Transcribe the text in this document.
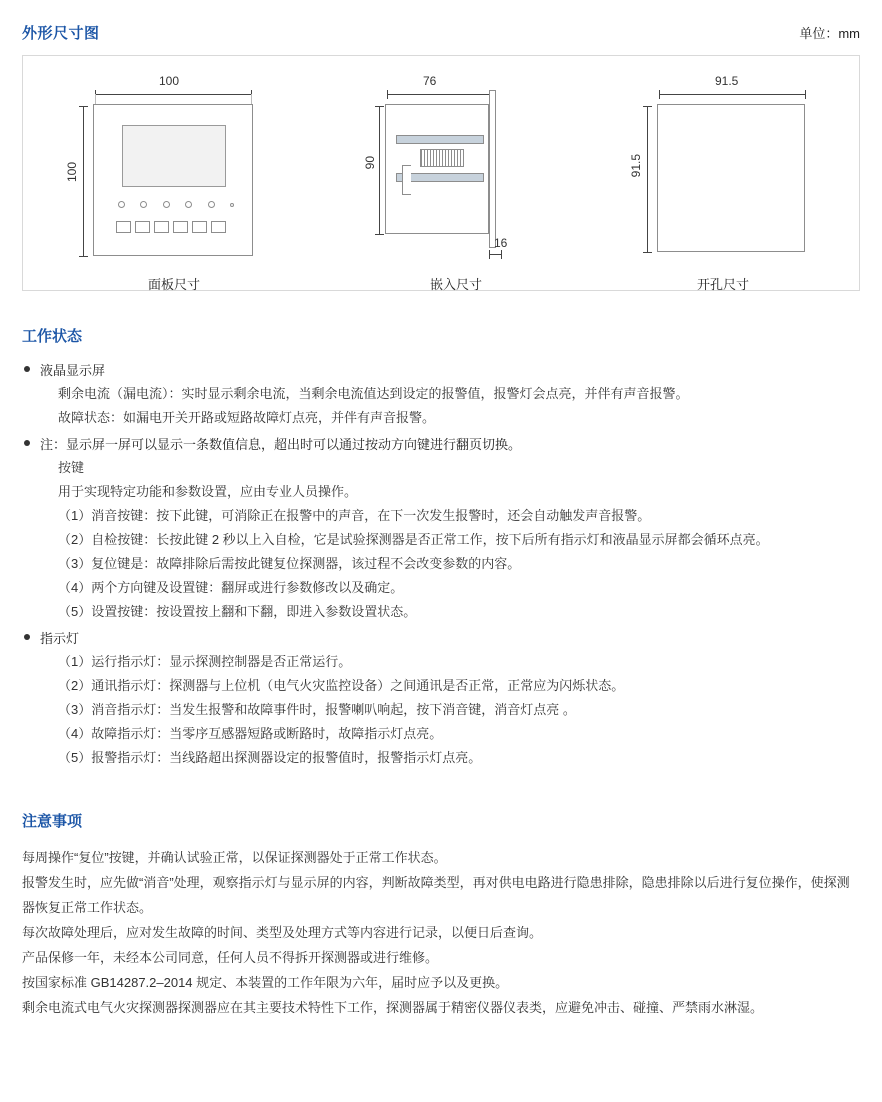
外形尺寸图	单位：mm
100
100
面板尺寸
76
90
16
嵌入尺寸
91.5
91.5
开孔尺寸
工作状态
液晶显示屏
剩余电流（漏电流）：实时显示剩余电流，当剩余电流值达到设定的报警值，报警灯会点亮，并伴有声音报警。
故障状态：如漏电开关开路或短路故障灯点亮，并伴有声音报警。
注：显示屏一屏可以显示一条数值信息，超出时可以通过按动方向键进行翻页切换。
按键
用于实现特定功能和参数设置，应由专业人员操作。
（1）消音按键：按下此键，可消除正在报警中的声音，在下一次发生报警时，还会自动触发声音报警。
（2）自检按键：长按此键 2 秒以上入自检，它是试验探测器是否正常工作，按下后所有指示灯和液晶显示屏都会循环点亮。
（3）复位键是：故障排除后需按此键复位探测器，该过程不会改变参数的内容。
（4）两个方向键及设置键：翻屏或进行参数修改以及确定。
（5）设置按键：按设置按上翻和下翻，即进入参数设置状态。
指示灯
（1）运行指示灯：显示探测控制器是否正常运行。
（2）通讯指示灯：探测器与上位机（电气火灾监控设备）之间通讯是否正常，正常应为闪烁状态。
（3）消音指示灯：当发生报警和故障事件时，报警喇叭响起，按下消音键，消音灯点亮 。
（4）故障指示灯：当零序互感器短路或断路时，故障指示灯点亮。
（5）报警指示灯：当线路超出探测器设定的报警值时，报警指示灯点亮。
注意事项

每周操作“复位”按键，并确认试验正常，以保证探测器处于正常工作状态。

报警发生时，应先做“消音”处理，观察指示灯与显示屏的内容，判断故障类型，再对供电电路进行隐患排除，隐患排除以后进行复位操作，使探测器恢复正常工作状态。

每次故障处理后，应对发生故障的时间、类型及处理方式等内容进行记录，以便日后查询。

产品保修一年，未经本公司同意，任何人员不得拆开探测器或进行维修。

按国家标准 GB14287.2–2014 规定、本装置的工作年限为六年，届时应予以及更换。

剩余电流式电气火灾探测器探测器应在其主要技术特性下工作，探测器属于精密仪器仪表类，应避免冲击、碰撞、严禁雨水淋湿。
